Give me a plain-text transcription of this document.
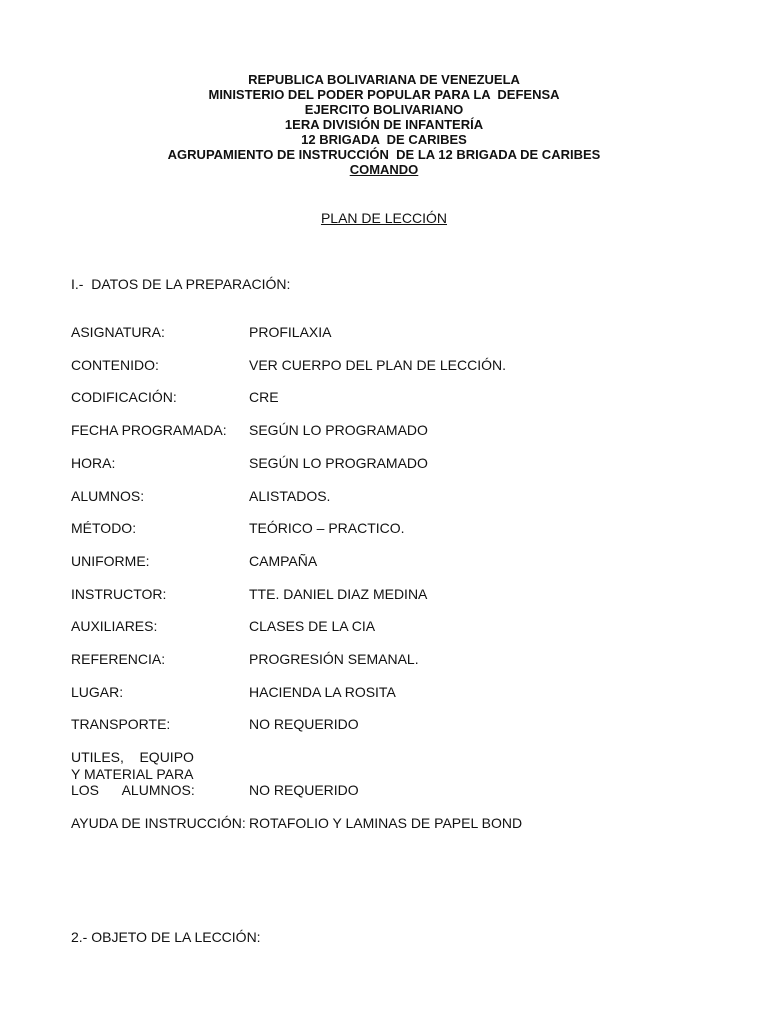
REPUBLICA BOLIVARIANA DE VENEZUELA
MINISTERIO DEL PODER POPULAR PARA LA  DEFENSA
EJERCITO BOLIVARIANO
1ERA DIVISIÓN DE INFANTERÍA
12 BRIGADA  DE CARIBES
AGRUPAMIENTO DE INSTRUCCIÓN  DE LA 12 BRIGADA DE CARIBES
COMANDO
PLAN DE LECCIÓN
I.-  DATOS DE LA PREPARACIÓN:
ASIGNATURA:	PROFILAXIA
CONTENIDO:	VER CUERPO DEL PLAN DE LECCIÓN.
CODIFICACIÓN:	CRE
FECHA PROGRAMADA: SEGÚN LO PROGRAMADO
HORA:	SEGÚN LO PROGRAMADO
ALUMNOS:	ALISTADOS.
MÉTODO:	TEÓRICO – PRACTICO.
UNIFORME:	CAMPAÑA
INSTRUCTOR:	TTE. DANIEL DIAZ MEDINA
AUXILIARES:	CLASES DE LA CIA
REFERENCIA:	PROGRESIÓN SEMANAL.
LUGAR:	HACIENDA LA ROSITA
TRANSPORTE:	NO REQUERIDO
UTILES,    EQUIPO
Y MATERIAL PARA
LOS      ALUMNOS:	NO REQUERIDO
AYUDA DE INSTRUCCIÓN: ROTAFOLIO Y LAMINAS DE PAPEL BOND
2.- OBJETO DE LA LECCIÓN:
